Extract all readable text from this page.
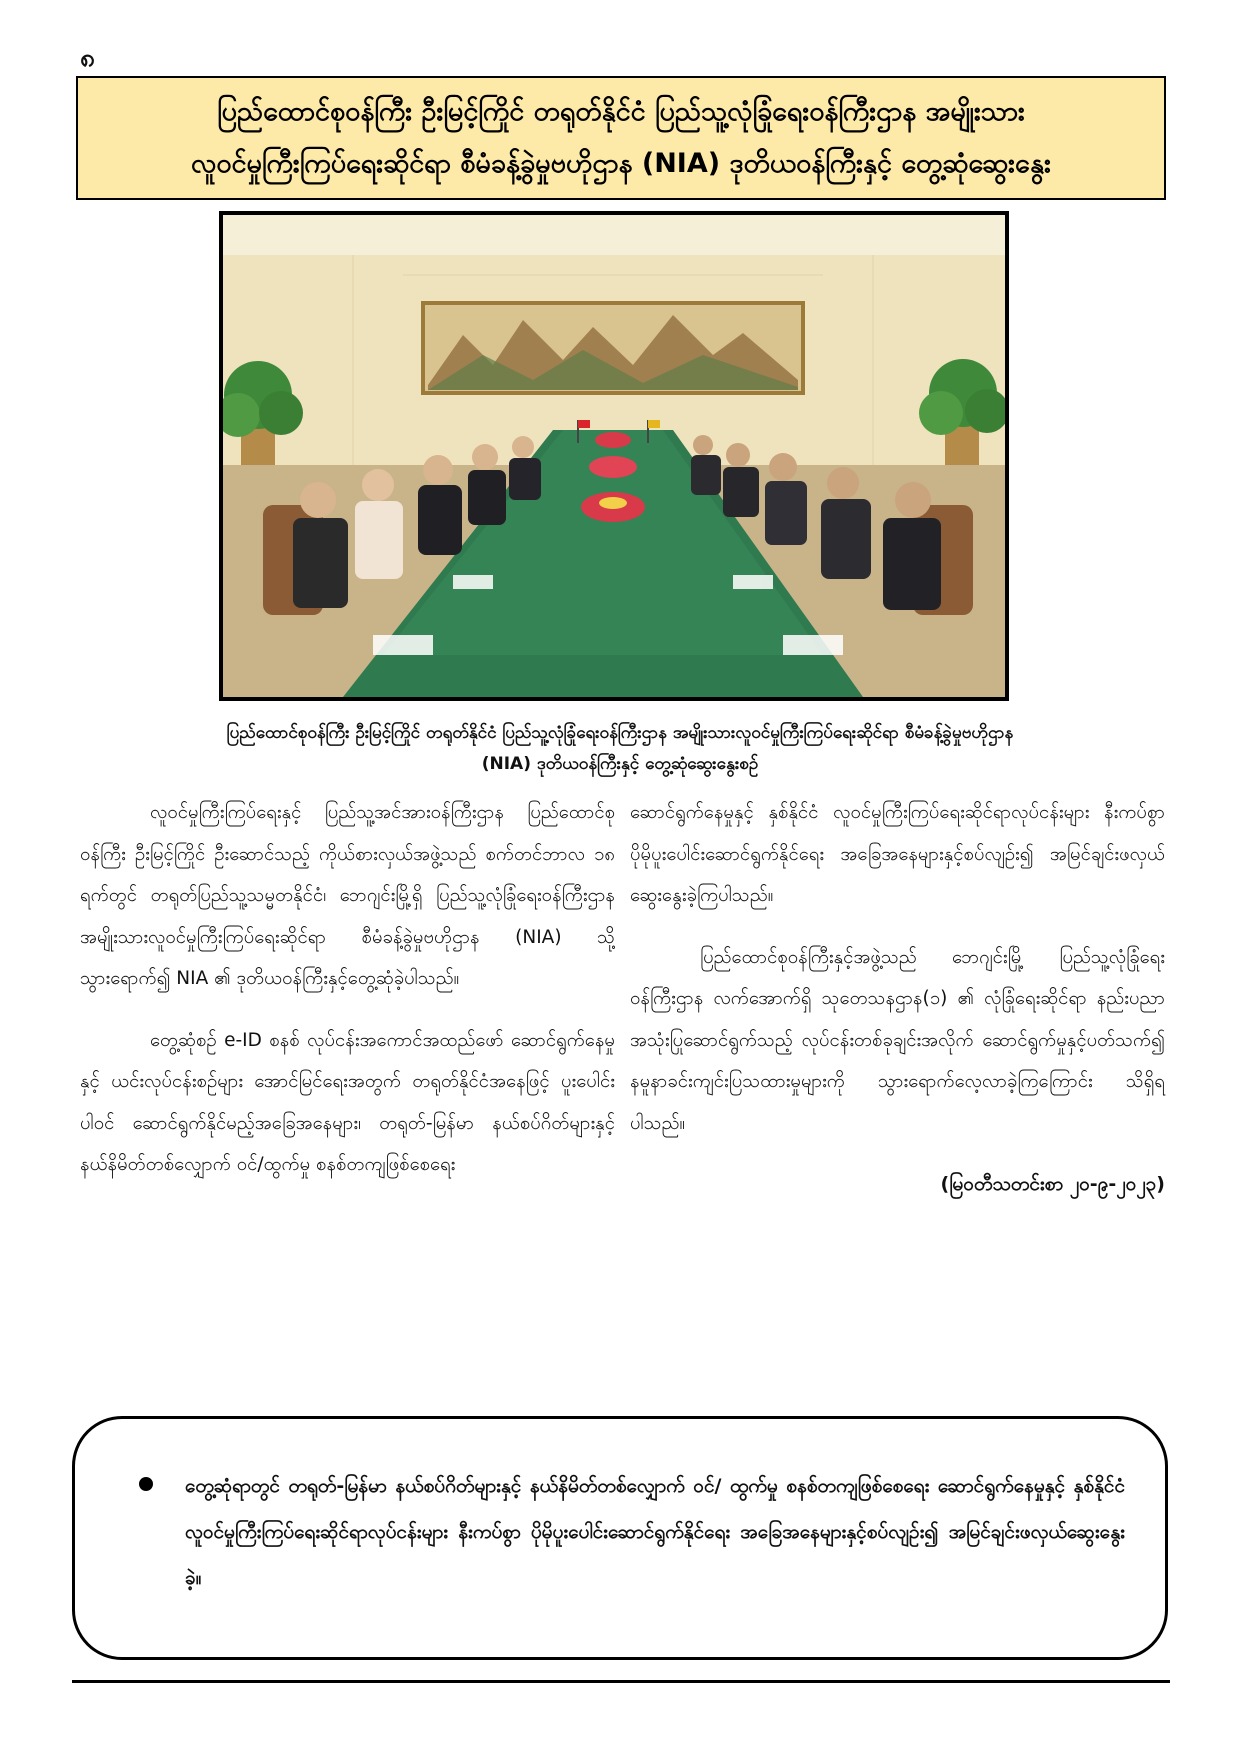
၈
ပြည်ထောင်စုဝန်ကြီး ဦးမြင့်ကြိုင် တရုတ်နိုင်ငံ ပြည်သူ့လုံခြုံရေးဝန်ကြီးဌာန အမျိုးသား
လူဝင်မှုကြီးကြပ်ရေးဆိုင်ရာ စီမံခန့်ခွဲမှုဗဟိုဌာန (NIA) ဒုတိယဝန်ကြီးနှင့် တွေ့ဆုံဆွေးနွေး
ပြည်ထောင်စုဝန်ကြီး ဦးမြင့်ကြိုင် တရုတ်နိုင်ငံ ပြည်သူ့လုံခြုံရေးဝန်ကြီးဌာန အမျိုးသားလူဝင်မှုကြီးကြပ်ရေးဆိုင်ရာ စီမံခန့်ခွဲမှုဗဟိုဌာန
(NIA) ဒုတိယဝန်ကြီးနှင့် တွေ့ဆုံဆွေးနွေးစဉ်

လူဝင်မှုကြီးကြပ်ရေးနှင့် ပြည်သူ့အင်အားဝန်ကြီးဌာန ပြည်ထောင်စုဝန်ကြီး ဦးမြင့်ကြိုင် ဦးဆောင်သည့် ကိုယ်စားလှယ်အဖွဲ့သည် စက်တင်ဘာလ ၁၈ ရက်တွင် တရုတ်ပြည်သူ့သမ္မတနိုင်ငံ၊ ဘေဂျင်းမြို့ရှိ ပြည်သူ့လုံခြုံရေးဝန်ကြီးဌာန အမျိုးသားလူဝင်မှုကြီးကြပ်ရေးဆိုင်ရာ စီမံခန့်ခွဲမှုဗဟိုဌာန (NIA) သို့သွားရောက်၍ NIA ၏ ဒုတိယဝန်ကြီးနှင့်တွေ့ဆုံခဲ့ပါသည်။

တွေ့ဆုံစဉ် e-ID စနစ် လုပ်ငန်းအကောင်အထည်ဖော် ဆောင်ရွက်နေမှုနှင့် ယင်းလုပ်ငန်းစဉ်များ အောင်မြင်ရေးအတွက် တရုတ်နိုင်ငံအနေဖြင့် ပူးပေါင်းပါဝင် ဆောင်ရွက်နိုင်မည့်အခြေအနေများ၊ တရုတ်-မြန်မာ နယ်စပ်ဂိတ်များနှင့် နယ်နိမိတ်တစ်လျှောက် ဝင်/ထွက်မှု စနစ်တကျဖြစ်စေရေး

ဆောင်ရွက်နေမှုနှင့် နှစ်နိုင်ငံ လူဝင်မှုကြီးကြပ်ရေးဆိုင်ရာလုပ်ငန်းများ နီးကပ်စွာ ပိုမိုပူးပေါင်းဆောင်ရွက်နိုင်ရေး အခြေအနေများနှင့်စပ်လျဉ်း၍ အမြင်ချင်းဖလှယ်ဆွေးနွေးခဲ့ကြပါသည်။

ပြည်ထောင်စုဝန်ကြီးနှင့်အဖွဲ့သည် ဘေဂျင်းမြို့ ပြည်သူ့လုံခြုံရေးဝန်ကြီးဌာန လက်အောက်ရှိ သုတေသနဌာန(၁) ၏ လုံခြုံရေးဆိုင်ရာ နည်းပညာအသုံးပြုဆောင်ရွက်သည့် လုပ်ငန်းတစ်ခုချင်းအလိုက် ဆောင်ရွက်မှုနှင့်ပတ်သက်၍ နမူနာခင်းကျင်းပြသထားမှုများကို သွားရောက်လေ့လာခဲ့ကြကြောင်း သိရှိရပါသည်။

(မြဝတီသတင်းစာ ၂၀-၉-၂၀၂၃)
တွေ့ဆုံရာတွင် တရုတ်-မြန်မာ နယ်စပ်ဂိတ်များနှင့် နယ်နိမိတ်တစ်လျှောက် ဝင်/ ထွက်မှု စနစ်တကျဖြစ်စေရေး ဆောင်ရွက်နေမှုနှင့် နှစ်နိုင်ငံ လူဝင်မှုကြီးကြပ်ရေးဆိုင်ရာလုပ်ငန်းများ နီးကပ်စွာ ပိုမိုပူးပေါင်းဆောင်ရွက်နိုင်ရေး အခြေအနေများနှင့်စပ်လျဉ်း၍ အမြင်ချင်းဖလှယ်ဆွေးနွေးခဲ့။
